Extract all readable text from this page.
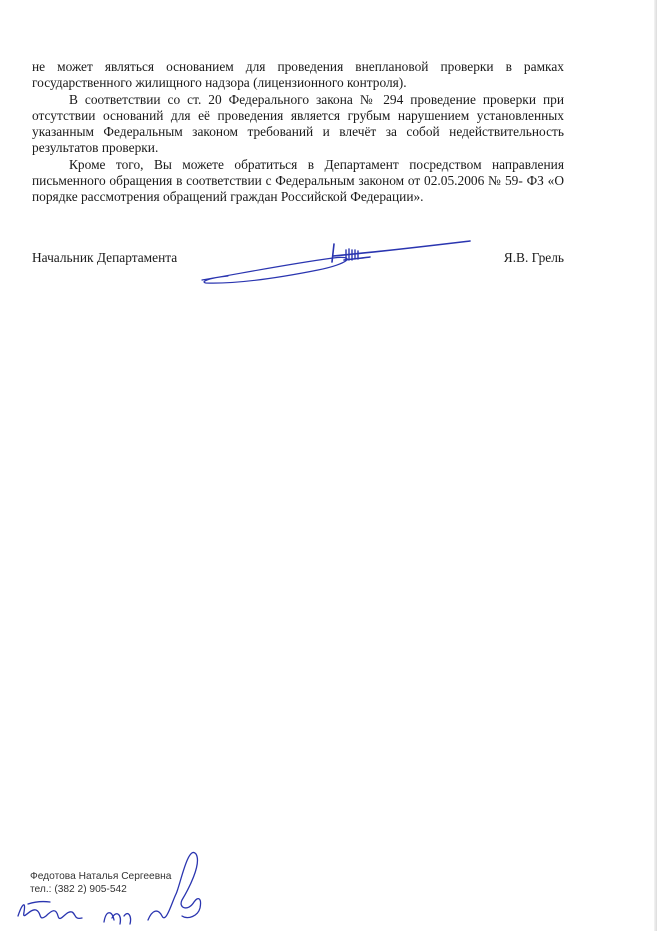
не может являться основанием для проведения внеплановой проверки в рамках государственного жилищного надзора (лицензионного контроля).

В соответствии со ст. 20 Федерального закона № 294 проведение проверки при отсутствии оснований для её проведения является грубым нарушением установленных указанным Федеральным законом требований и влечёт за собой недействительность результатов проверки.

Кроме того, Вы можете обратиться в Департамент посредством направления письменного обращения в соответствии с Федеральным законом от 02.05.2006 № 59- ФЗ «О порядке рассмотрения обращений граждан Российской Федерации».

Начальник Департамента	Я.В. Грель
Федотова Наталья Сергеевна
тел.: (382 2) 905-542
